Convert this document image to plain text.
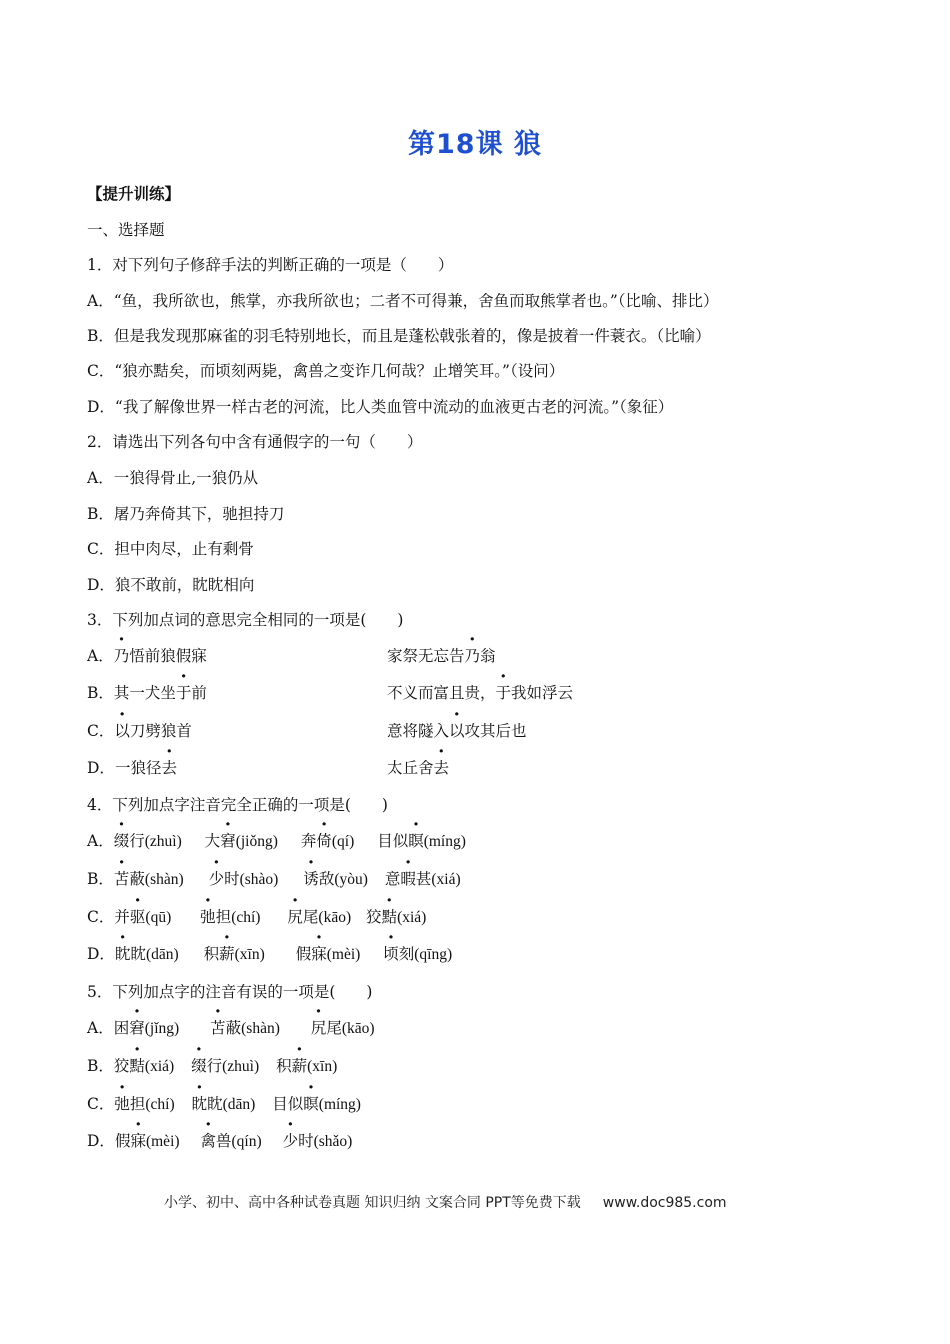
第18课 狼
【提升训练】
一、选择题
1．对下列句子修辞手法的判断正确的一项是（　　）
A．“鱼，我所欲也，熊掌，亦我所欲也；二者不可得兼，舍鱼而取熊掌者也。”（比喻、排比）
B．但是我发现那麻雀的羽毛特别地长，而且是蓬松戟张着的，像是披着一件蓑衣。（比喻）
C．“狼亦黠矣，而顷刻两毙，禽兽之变诈几何哉？止增笑耳。”（设问）
D．“我了解像世界一样古老的河流，比人类血管中流动的血液更古老的河流。”（象征）
2．请选出下列各句中含有通假字的一句（　　）
A．一狼得骨止,一狼仍从
B．屠乃奔倚其下，驰担持刀
C．担中肉尽，止有剩骨
D．狼不敢前，眈眈相向
3．下列加点词的意思完全相同的一项是(　　)
A．乃悟前狼假寐	家祭无忘告乃翁
B．其一犬坐于前	不义而富且贵，于我如浮云
C．以刀劈狼首	意将隧入以攻其后也
D．一狼径去	太丘舍去
4．下列加点字注音完全正确的一项是(　　)
A．缀行(zhuì) 大窘(jiǒng) 奔倚(qí) 目似瞑(míng)
B．苫蔽(shàn) 少时(shào) 诱敌(yòu) 意暇甚(xiá)
C．并驱(qū) 弛担(chí) 尻尾(kāo) 狡黠(xiá)
D．眈眈(dān) 积薪(xīn) 假寐(mèi) 顷刻(qīng)
5．下列加点字的注音有误的一项是(　　)
A．困窘(jǐng) 苫蔽(shàn) 尻尾(kāo)
B．狡黠(xiá) 缀行(zhuì) 积薪(xīn)
C．弛担(chí) 眈眈(dān) 目似瞑(míng)
D．假寐(mèi) 禽兽(qín) 少时(shǎo)
小学、初中、高中各种试卷真题 知识归纳 文案合同 PPT等免费下载 www.doc985.com
